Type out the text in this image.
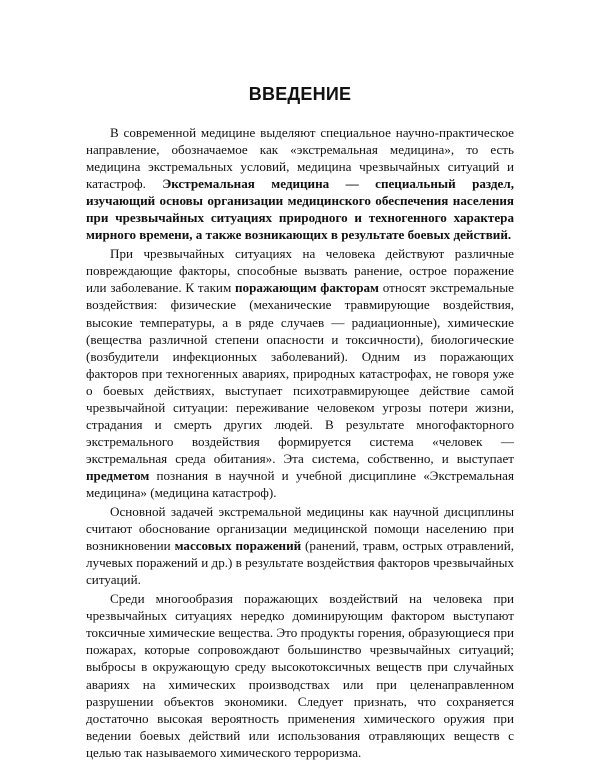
ВВЕДЕНИЕ

В современной медицине выделяют специальное научно-практическое направление, обозначаемое как «экстремальная медицина», то есть медицина экстремальных условий, медицина чрезвычайных ситуаций и катастроф. Экстремальная медицина — специальный раздел, изучающий основы организации медицинского обеспечения населения при чрезвычайных ситуациях природного и техногенного характера мирного времени, а также возникающих в результате боевых действий.

При чрезвычайных ситуациях на человека действуют различные повреждающие факторы, способные вызвать ранение, острое поражение или заболевание. К таким поражающим факторам относят экстремальные воздействия: физические (механические травмирующие воздействия, высокие температуры, а в ряде случаев — радиационные), химические (вещества различной степени опасности и токсичности), биологические (возбудители инфекционных заболеваний). Одним из поражающих факторов при техногенных авариях, природных катастрофах, не говоря уже о боевых действиях, выступает психотравмирующее действие самой чрезвычайной ситуации: переживание человеком угрозы потери жизни, страдания и смерть других людей. В результате многофакторного экстремального воздействия формируется система «человек — экстремальная среда обитания». Эта система, собственно, и выступает предметом познания в научной и учебной дисциплине «Экстремальная медицина» (медицина катастроф).

Основной задачей экстремальной медицины как научной дисциплины считают обоснование организации медицинской помощи населению при возникновении массовых поражений (ранений, травм, острых отравлений, лучевых поражений и др.) в результате воздействия факторов чрезвычайных ситуаций.

Среди многообразия поражающих воздействий на человека при чрезвычайных ситуациях нередко доминирующим фактором выступают токсичные химические вещества. Это продукты горения, образующиеся при пожарах, которые сопровождают большинство чрезвычайных ситуаций; выбросы в окружающую среду высокотоксичных веществ при случайных авариях на химических производствах или при целенаправленном разрушении объектов экономики. Следует признать, что сохраняется достаточно высокая вероятность применения химического оружия при ведении боевых действий или использования отравляющих веществ с целью так называемого химического терроризма.
